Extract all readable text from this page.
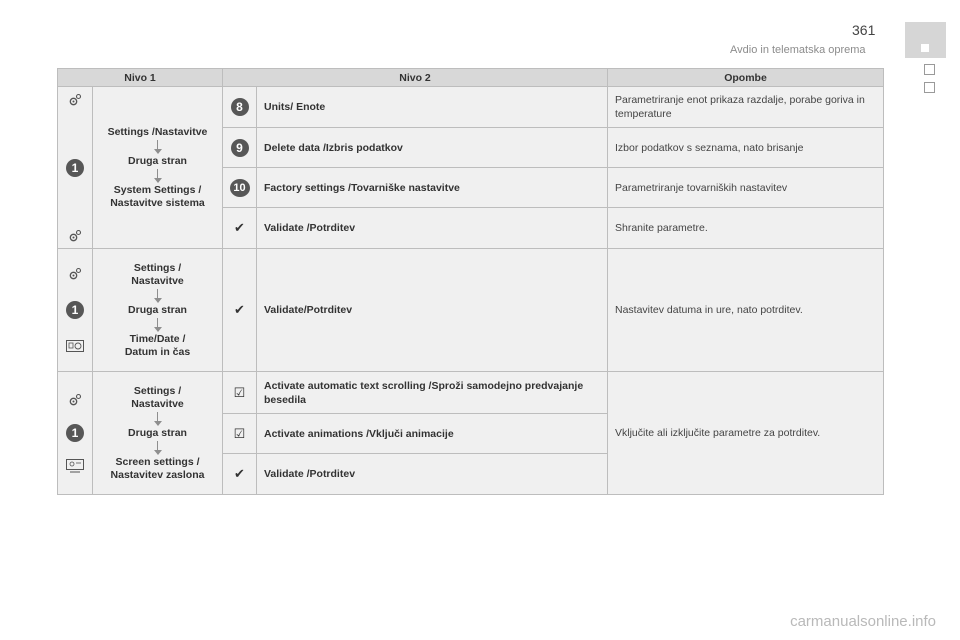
361
Avdio in telematska oprema
Nivo 1		Nivo 2		Opombe

1	Settings /Nastavitve
Druga stran
System Settings /
Nastavitve sistema	8	Units/ Enote	Parametriranje enot prikaza razdalje, porabe goriva in temperature

9	Delete data /Izbris podatkov	Izbor podatkov s seznama, nato brisanje

10	Factory settings /Tovarniške nastavitve	Parametriranje tovarniških nastavitev
		✔	Validate /Potrditev	Shranite parametre.

1	Settings /
Nastavitve
Druga stran
Time/Date /
Datum in čas	✔	Validate/Potrditev	Nastavitev datuma in ure, nato potrditev.

1	Settings /
Nastavitve
Druga stran
Screen settings /
Nastavitev zaslona	☑	Activate automatic text scrolling /Sproži samodejno predvajanje besedila	Vključite ali izključite parametre za potrditev.
		☑	Activate animations /Vključi animacije	
		✔	Validate /Potrditev	
carmanualsonline.info
